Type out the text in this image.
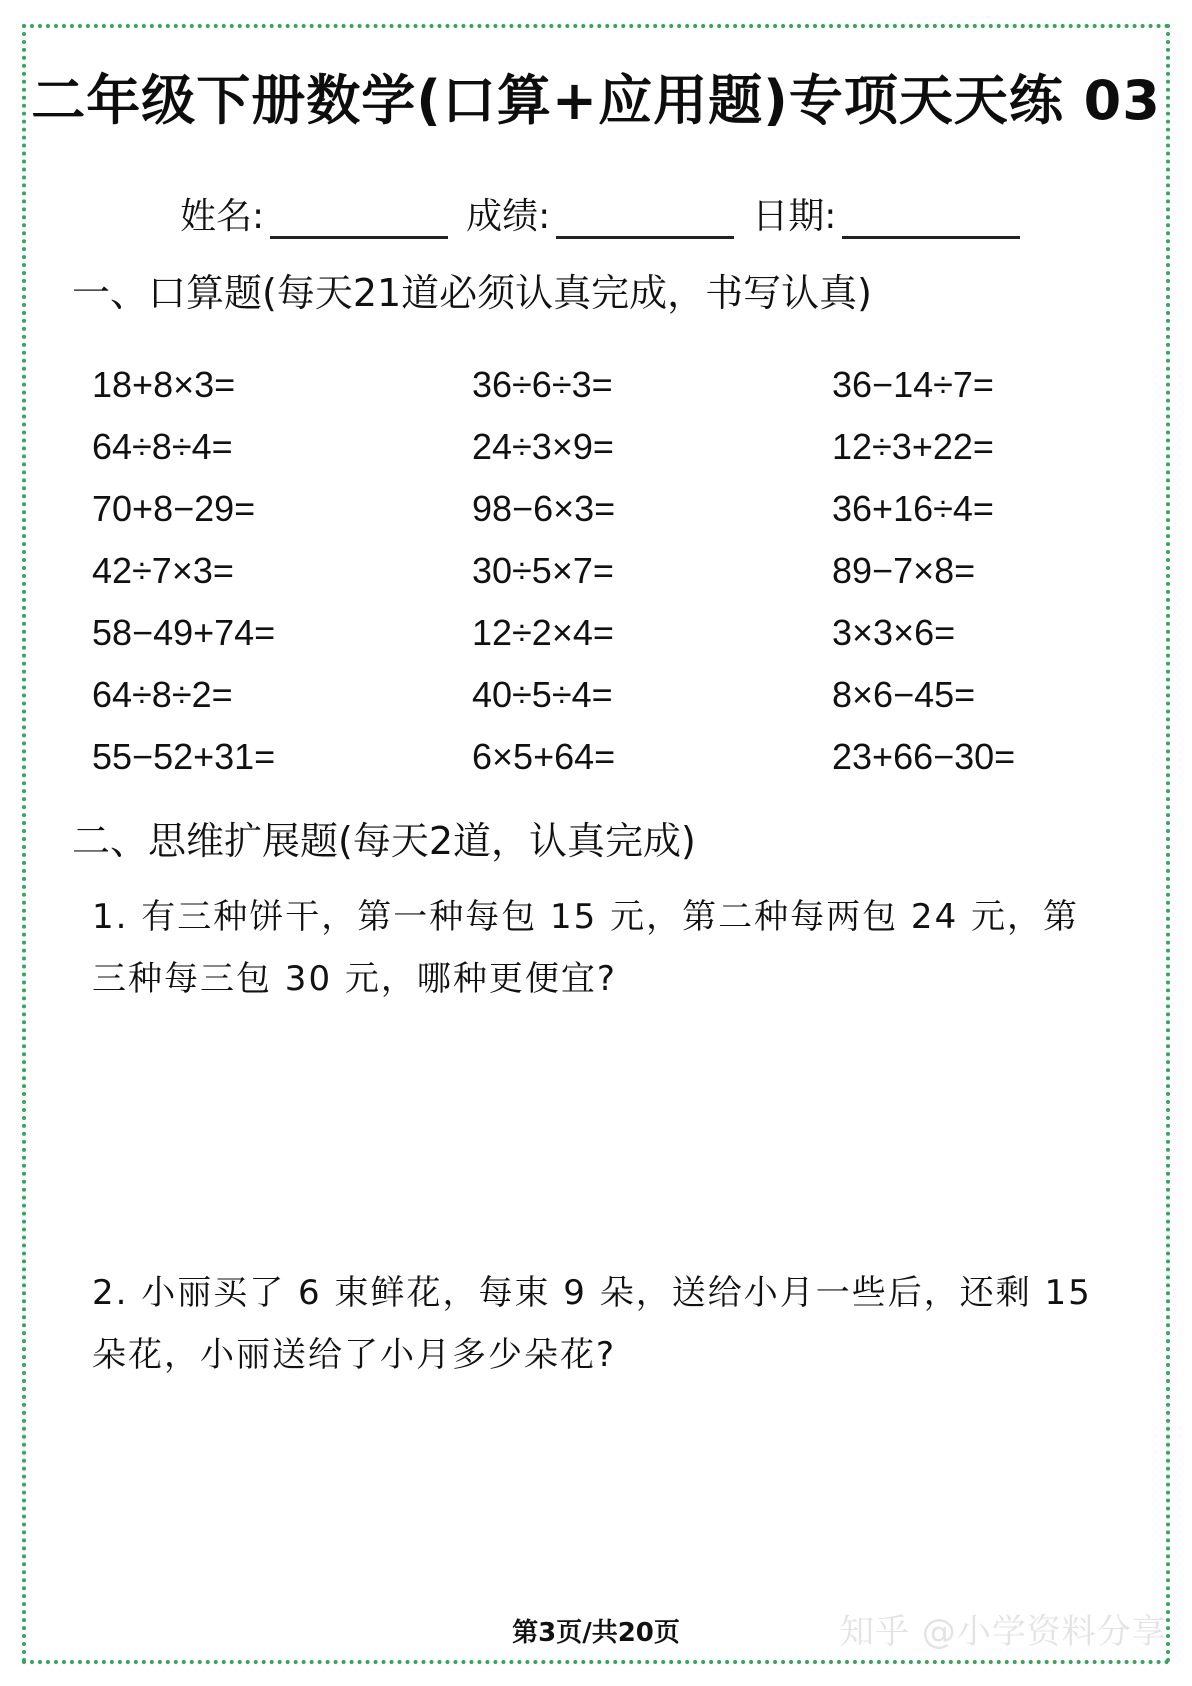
二年级下册数学(口算+应用题)专项天天练 03
姓名:	成绩:	日期:
一、口算题(每天21道必须认真完成，书写认真)
18+8×3=	36÷6÷3=	36−14÷7=
64÷8÷4=	24÷3×9=	12÷3+22=
70+8−29=	98−6×3=	36+16÷4=
42÷7×3=	30÷5×7=	89−7×8=
58−49+74=	12÷2×4=	3×3×6=
64÷8÷2=	40÷5÷4=	8×6−45=
55−52+31=	6×5+64=	23+66−30=
二、思维扩展题(每天2道，认真完成)
1. 有三种饼干，第一种每包 15 元，第二种每两包 24 元，第三种每三包 30 元，哪种更便宜?
2. 小丽买了 6 束鲜花，每束 9 朵，送给小月一些后，还剩 15 朵花，小丽送给了小月多少朵花?
第3页/共20页	知乎 @小学资料分享
